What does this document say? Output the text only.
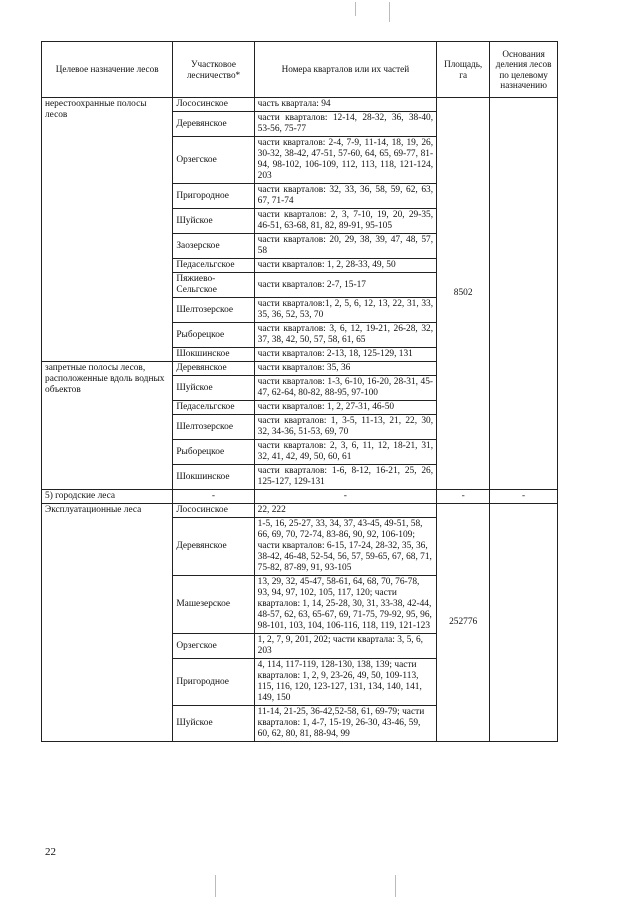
Целевое назначение лесов	Участковое лесничество*	Номера кварталов или их частей	Площадь, га	Основания деления лесов по целевому назначению
нерестоохранные полосы лесов	Лососинское	часть квартала: 94	8502	
	Деревянское	части кварталов: 12-14, 28-32, 36, 38-40, 53-56, 75-77		
	Орзегское	части кварталов: 2-4, 7-9, 11-14, 18, 19, 26, 30-32, 38-42, 47-51, 57-60, 64, 65, 69-77, 81-94, 98-102, 106-109, 112, 113, 118, 121-124, 203		
	Пригородное	части кварталов: 32, 33, 36, 58, 59, 62, 63, 67, 71-74		
	Шуйское	части кварталов: 2, 3, 7-10, 19, 20, 29-35, 46-51, 63-68, 81, 82, 89-91, 95-105		
	Заозерское	части кварталов: 20, 29, 38, 39, 47, 48, 57, 58		
	Педасельгское	части кварталов: 1, 2, 28-33, 49, 50		
	Пяжиево-Сельгское	части кварталов: 2-7, 15-17		
	Шелтозерское	части кварталов:1, 2, 5, 6, 12, 13, 22, 31, 33, 35, 36, 52, 53, 70		
	Рыборецкое	части кварталов: 3, 6, 12, 19-21, 26-28, 32, 37, 38, 42, 50, 57, 58, 61, 65		
	Шокшинское	части кварталов: 2-13, 18, 125-129, 131		
запретные полосы лесов, расположенные вдоль водных объектов	Деревянское	части кварталов: 35, 36		
	Шуйское	части кварталов: 1-3, 6-10, 16-20, 28-31, 45-47, 62-64, 80-82, 88-95, 97-100		
	Педасельгское	части кварталов: 1, 2, 27-31, 46-50		
	Шелтозерское	части кварталов: 1, 3-5, 11-13, 21, 22, 30, 32, 34-36, 51-53, 69, 70		
	Рыборецкое	части кварталов: 2, 3, 6, 11, 12, 18-21, 31, 32, 41, 42, 49, 50, 60, 61		
	Шокшинское	части кварталов: 1-6, 8-12, 16-21, 25, 26, 125-127, 129-131		
5) городские леса	-	-	-	-
Эксплуатационные леса	Лососинское	22, 222	252776	
	Деревянское	1-5, 16, 25-27, 33, 34, 37, 43-45, 49-51, 58, 66, 69, 70, 72-74, 83-86, 90, 92, 106-109; части кварталов: 6-15, 17-24, 28-32, 35, 36, 38-42, 46-48, 52-54, 56, 57, 59-65, 67, 68, 71, 75-82, 87-89, 91, 93-105		
	Машезерское	13, 29, 32, 45-47, 58-61, 64, 68, 70, 76-78, 93, 94, 97, 102, 105, 117, 120; части кварталов: 1, 14, 25-28, 30, 31, 33-38, 42-44, 48-57, 62, 63, 65-67, 69, 71-75, 79-92, 95, 96, 98-101, 103, 104, 106-116, 118, 119, 121-123		
	Орзегское	1, 2, 7, 9, 201, 202; части квартала: 3, 5, 6, 203		
	Пригородное	4, 114, 117-119, 128-130, 138, 139; части кварталов: 1, 2, 9, 23-26, 49, 50, 109-113, 115, 116, 120, 123-127, 131, 134, 140, 141, 149, 150		
	Шуйское	11-14, 21-25, 36-42,52-58, 61, 69-79; части кварталов: 1, 4-7, 15-19, 26-30, 43-46, 59, 60, 62, 80, 81, 88-94, 99		
22
